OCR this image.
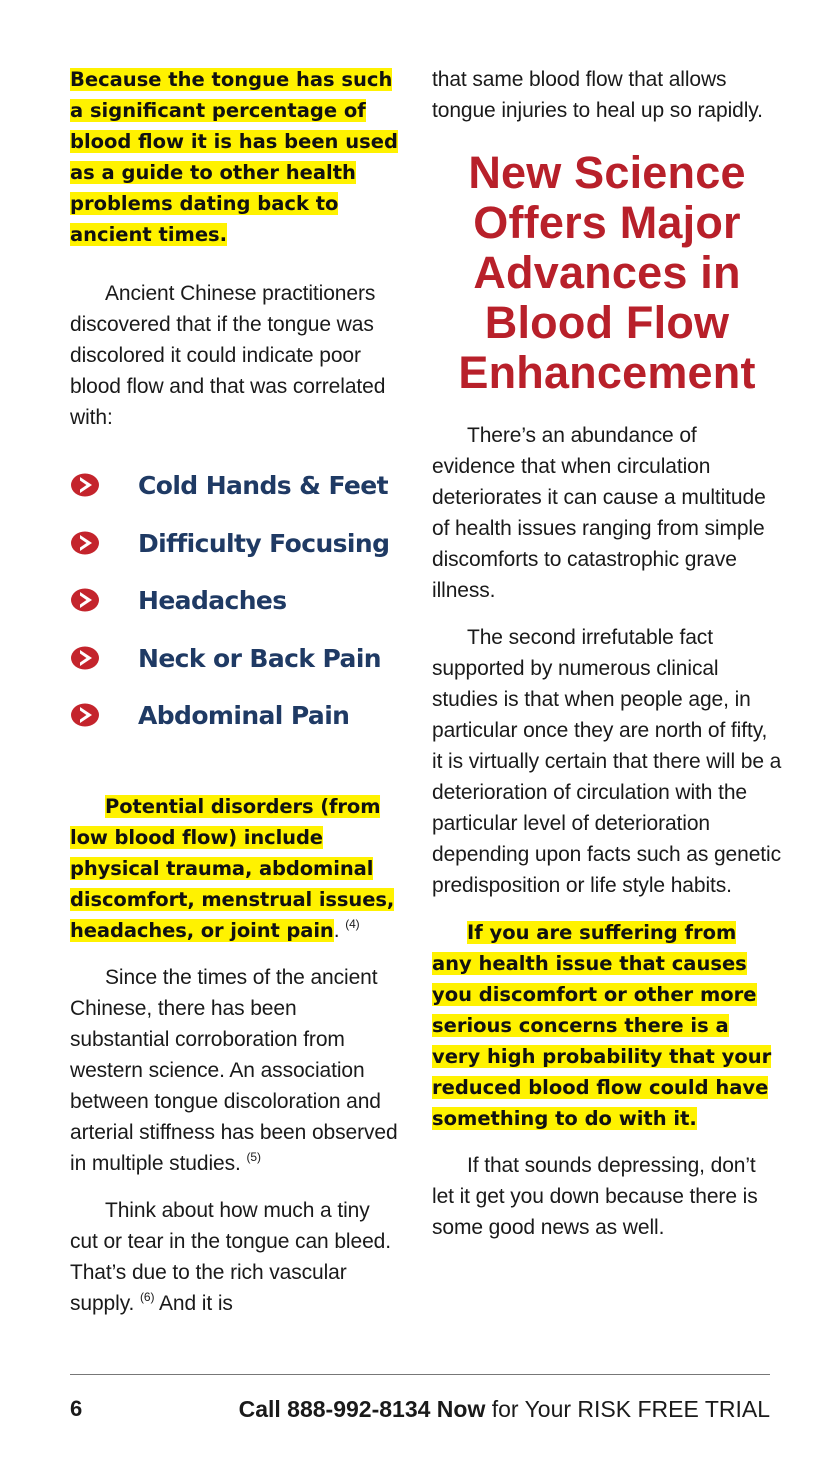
Because the tongue has such a significant percentage of blood flow it is has been used as a guide to other health problems dating back to ancient times.

Ancient Chinese practitioners discovered that if the tongue was discolored it could indicate poor blood flow and that was correlated with:

Cold Hands & Feet
Difficulty Focusing
Headaches
Neck or Back Pain
Abdominal Pain

Potential disorders (from low blood flow) include physical trauma, abdominal discomfort, menstrual issues, headaches, or joint pain. $^{(4)}$

Since the times of the ancient Chinese, there has been substantial corroboration from western science. An association between tongue discoloration and arterial stiffness has been observed in multiple studies. $^{(5)}$

Think about how much a tiny cut or tear in the tongue can bleed. That’s due to the rich vascular supply. $^{(6)}$ And it is

that same blood flow that allows tongue injuries to heal up so rapidly.

New Science
Offers Major
Advances in
Blood Flow
Enhancement

There’s an abundance of evidence that when circulation deteriorates it can cause a multitude of health issues ranging from simple discomforts to catastrophic grave illness.

The second irrefutable fact supported by numerous clinical studies is that when people age, in particular once they are north of fifty, it is virtually certain that there will be a deterioration of circulation with the particular level of deterioration depending upon facts such as genetic predisposition or life style habits.

If you are suffering from any health issue that causes you discomfort or other more serious concerns there is a very high probability that your reduced blood flow could have something to do with it.

If that sounds depressing, don’t let it get you down because there is some good news as well.

6	Call 888-992-8134 Now for Your RISK FREE TRIAL
